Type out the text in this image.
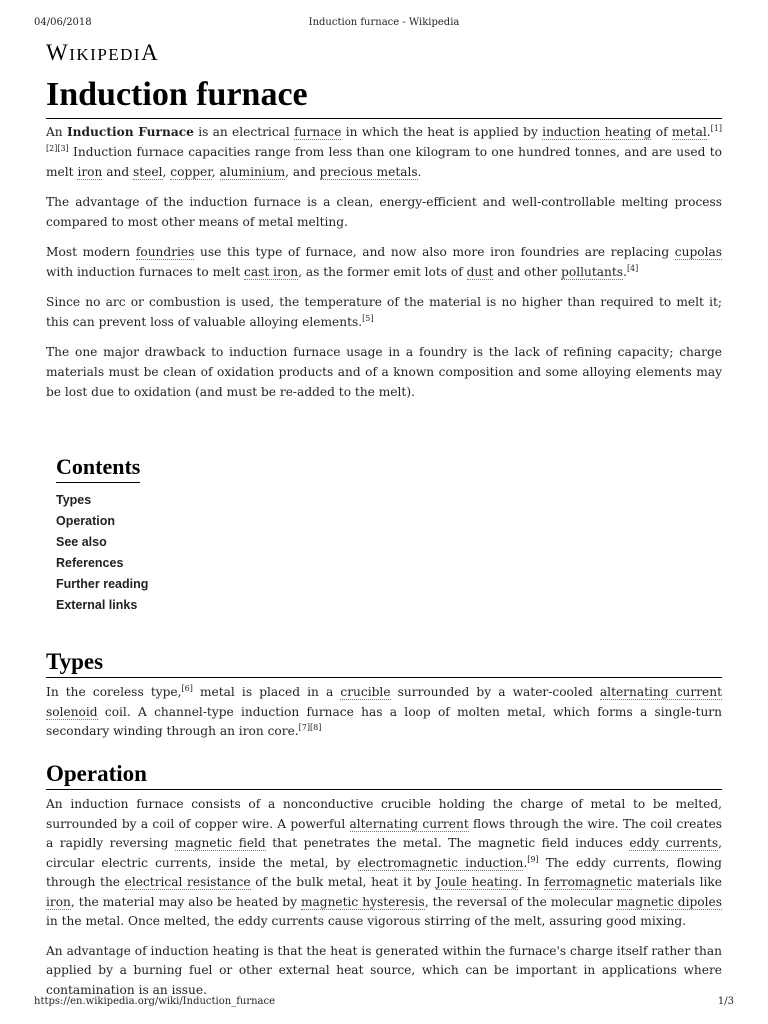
04/06/2018	Induction furnace - Wikipedia
WIKIPEDIA
Induction furnace

An Induction Furnace is an electrical furnace in which the heat is applied by induction heating of metal.[1][2][3] Induction furnace capacities range from less than one kilogram to one hundred tonnes, and are used to melt iron and steel, copper, aluminium, and precious metals.

The advantage of the induction furnace is a clean, energy-efficient and well-controllable melting process compared to most other means of metal melting.

Most modern foundries use this type of furnace, and now also more iron foundries are replacing cupolas with induction furnaces to melt cast iron, as the former emit lots of dust and other pollutants.[4]

Since no arc or combustion is used, the temperature of the material is no higher than required to melt it; this can prevent loss of valuable alloying elements.[5]

The one major drawback to induction furnace usage in a foundry is the lack of refining capacity; charge materials must be clean of oxidation products and of a known composition and some alloying elements may be lost due to oxidation (and must be re-added to the melt).

Contents
Types
Operation
See also
References
Further reading
External links
Types

In the coreless type,[6] metal is placed in a crucible surrounded by a water-cooled alternating current solenoid coil. A channel-type induction furnace has a loop of molten metal, which forms a single-turn secondary winding through an iron core.[7][8]

Operation

An induction furnace consists of a nonconductive crucible holding the charge of metal to be melted, surrounded by a coil of copper wire. A powerful alternating current flows through the wire. The coil creates a rapidly reversing magnetic field that penetrates the metal. The magnetic field induces eddy currents, circular electric currents, inside the metal, by electromagnetic induction.[9] The eddy currents, flowing through the electrical resistance of the bulk metal, heat it by Joule heating. In ferromagnetic materials like iron, the material may also be heated by magnetic hysteresis, the reversal of the molecular magnetic dipoles in the metal. Once melted, the eddy currents cause vigorous stirring of the melt, assuring good mixing.

An advantage of induction heating is that the heat is generated within the furnace's charge itself rather than applied by a burning fuel or other external heat source, which can be important in applications where contamination is an issue.

https://en.wikipedia.org/wiki/Induction_furnace	1/3
